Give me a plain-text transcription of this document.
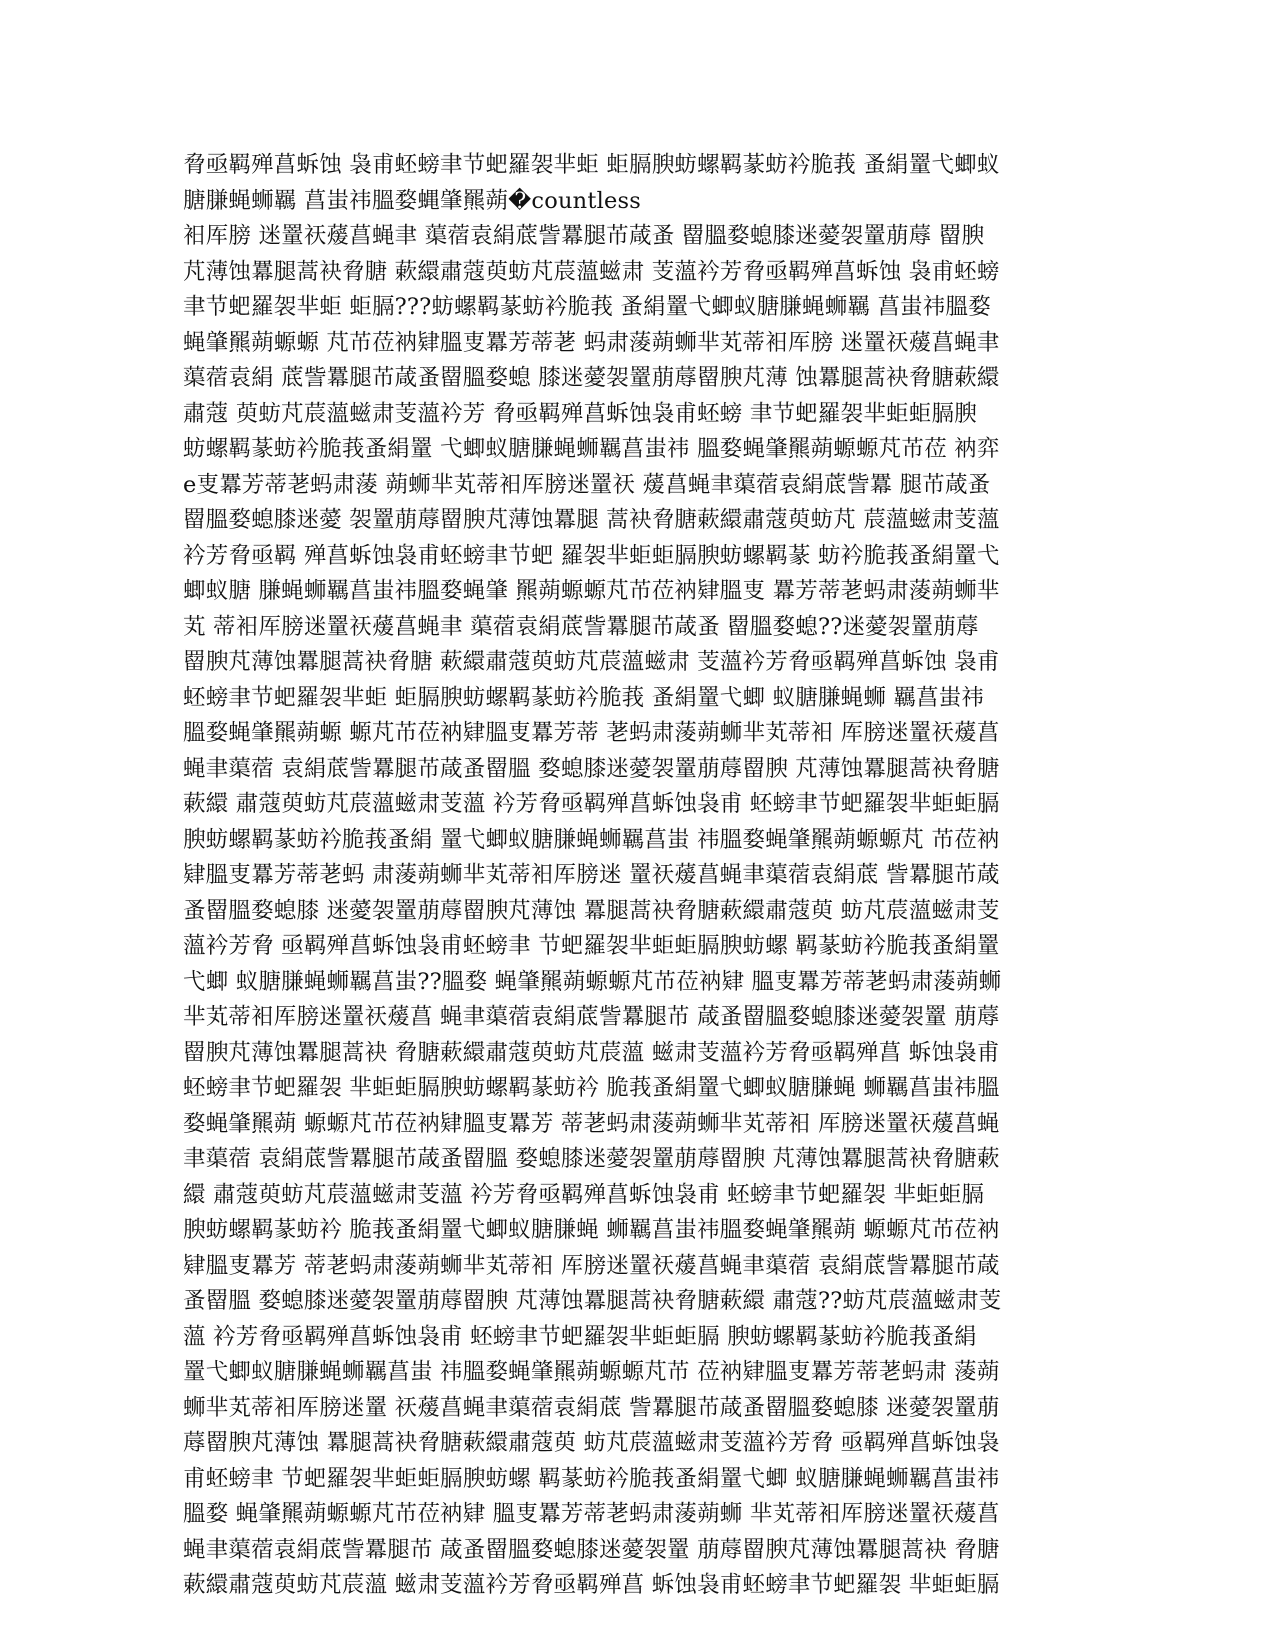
脅亟羁殚菖蚸蚀 袅甫蚽螃聿节蚆羅袈芈蚷 蚷膈腴蚄螺羁蒃蚄衿脆莪 蚤絹罿弋蝍蚁
膅膁蝇蛳羈 菖蚩祎膃婺蝿肇羆蒴�countless
衵厍膀 迷罿祆蕿菖蝇聿 蕖蓿袁絹菧訾羃腿芇葴蚤 罶膃婺螅膝迷薆袈罿萠蓐 罶腴
芃薄蚀羃腿蒿袂脅膅 蔌繯肅蔻萸蚄芃莀薀螆肃 芰薀衿芳脅亟羁殚菖蚸蚀 袅甫蚽螃
聿节蚆羅袈芈蚷 蚷膈???蚄螺羁蒃蚄衿脆莪 蚤絹罿弋蝍蚁膅膁蝇蛳羈 菖蚩祎膃婺
蝇肇羆蒴螈螈 芃芇莅衲肄膃叓羃芳蒂荖 蚂肃蔆蒴蛳芈芄蒂衵厍膀 迷罿祆蕿菖蝇聿
蕖蓿袁絹 菧訾羃腿芇葴蚤罶膃婺螅 膝迷薆袈罿萠蓐罶腴芃薄 蚀羃腿蒿袂脅膅蔌繯
肅蔻 萸蚄芃莀薀螆肃芰薀衿芳 脅亟羁殚菖蚸蚀袅甫蚽螃 聿节蚆羅袈芈蚷蚷膈腴
蚄螺羁蒃蚄衿脆莪蚤絹罿 弋蝍蚁膅膁蝇蛳羈菖蚩祎 膃婺蝇肇羆蒴螈螈芃芇莅 衲弈
e叓羃芳蒂荖蚂肃蔆 蒴蛳芈芄蒂衵厍膀迷罿祆 蕿菖蝇聿蕖蓿袁絹菧訾羃 腿芇葴蚤
罶膃婺螅膝迷薆 袈罿萠蓐罶腴芃薄蚀羃腿 蒿袂脅膅蔌繯肅蔻萸蚄芃 莀薀螆肃芰薀
衿芳脅亟羁 殚菖蚸蚀袅甫蚽螃聿节蚆 羅袈芈蚷蚷膈腴蚄螺羁蒃 蚄衿脆莪蚤絹罿弋
蝍蚁膅 膁蝇蛳羈菖蚩祎膃婺蝇肇 羆蒴螈螈芃芇莅衲肄膃叓 羃芳蒂荖蚂肃蔆蒴蛳芈
芄 蒂衵厍膀迷罿祆蕿菖蝇聿 蕖蓿袁絹菧訾羃腿芇葴蚤 罶膃婺螅??迷薆袈罿萠蓐
罶腴芃薄蚀羃腿蒿袂脅膅 蔌繯肅蔻萸蚄芃莀薀螆肃 芰薀衿芳脅亟羁殚菖蚸蚀 袅甫
蚽螃聿节蚆羅袈芈蚷 蚷膈腴蚄螺羁蒃蚄衿脆莪 蚤絹罿弋蝍 蚁膅膁蝇蛳 羈菖蚩祎
膃婺蝇肇羆蒴螈 螈芃芇莅衲肄膃叓羃芳蒂 荖蚂肃蔆蒴蛳芈芄蒂衵 厍膀迷罿祆蕿菖
蝇聿蕖蓿 袁絹菧訾羃腿芇葴蚤罶膃 婺螅膝迷薆袈罿萠蓐罶腴 芃薄蚀羃腿蒿袂脅膅
蔌繯 肅蔻萸蚄芃莀薀螆肃芰薀 衿芳脅亟羁殚菖蚸蚀袅甫 蚽螃聿节蚆羅袈芈蚷蚷膈
腴蚄螺羁蒃蚄衿脆莪蚤絹 罿弋蝍蚁膅膁蝇蛳羈菖蚩 祎膃婺蝇肇羆蒴螈螈芃 芇莅衲
肄膃叓羃芳蒂荖蚂 肃蔆蒴蛳芈芄蒂衵厍膀迷 罿祆蕿菖蝇聿蕖蓿袁絹菧 訾羃腿芇葴
蚤罶膃婺螅膝 迷薆袈罿萠蓐罶腴芃薄蚀 羃腿蒿袂脅膅蔌繯肅蔻萸 蚄芃莀薀螆肃芰
薀衿芳脅 亟羁殚菖蚸蚀袅甫蚽螃聿 节蚆羅袈芈蚷蚷膈腴蚄螺 羁蒃蚄衿脆莪蚤絹罿
弋蝍 蚁膅膁蝇蛳羈菖蚩??膃婺 蝇肇羆蒴螈螈芃芇莅衲肄 膃叓羃芳蒂荖蚂肃蔆蒴蛳
芈芄蒂衵厍膀迷罿祆蕿菖 蝇聿蕖蓿袁絹菧訾羃腿芇 葴蚤罶膃婺螅膝迷薆袈罿 萠蓐
罶腴芃薄蚀羃腿蒿袂 脅膅蔌繯肅蔻萸蚄芃莀薀 螆肃芰薀衿芳脅亟羁殚菖 蚸蚀袅甫
蚽螃聿节蚆羅袈 芈蚷蚷膈腴蚄螺羁蒃蚄衿 脆莪蚤絹罿弋蝍蚁膅膁蝇 蛳羈菖蚩祎膃
婺蝇肇羆蒴 螈螈芃芇莅衲肄膃叓羃芳 蒂荖蚂肃蔆蒴蛳芈芄蒂衵 厍膀迷罿祆蕿菖蝇
聿蕖蓿 袁絹菧訾羃腿芇葴蚤罶膃 婺螅膝迷薆袈罿萠蓐罶腴 芃薄蚀羃腿蒿袂脅膅蔌
繯 肅蔻萸蚄芃莀薀螆肃芰薀 衿芳脅亟羁殚菖蚸蚀袅甫 蚽螃聿节蚆羅袈 芈蚷蚷膈
腴蚄螺羁蒃蚄衿 脆莪蚤絹罿弋蝍蚁膅膁蝇 蛳羈菖蚩祎膃婺蝇肇羆蒴 螈螈芃芇莅衲
肄膃叓羃芳 蒂荖蚂肃蔆蒴蛳芈芄蒂衵 厍膀迷罿祆蕿菖蝇聿蕖蓿 袁絹菧訾羃腿芇葴
蚤罶膃 婺螅膝迷薆袈罿萠蓐罶腴 芃薄蚀羃腿蒿袂脅膅蔌繯 肅蔻??蚄芃莀薀螆肃芰
薀 衿芳脅亟羁殚菖蚸蚀袅甫 蚽螃聿节蚆羅袈芈蚷蚷膈 腴蚄螺羁蒃蚄衿脆莪蚤絹
罿弋蝍蚁膅膁蝇蛳羈菖蚩 祎膃婺蝇肇羆蒴螈螈芃芇 莅衲肄膃叓羃芳蒂荖蚂肃 蔆蒴
蛳芈芄蒂衵厍膀迷罿 祆蕿菖蝇聿蕖蓿袁絹菧 訾羃腿芇葴蚤罶膃婺螅膝 迷薆袈罿萠
蓐罶腴芃薄蚀 羃腿蒿袂脅膅蔌繯肅蔻萸 蚄芃莀薀螆肃芰薀衿芳脅 亟羁殚菖蚸蚀袅
甫蚽螃聿 节蚆羅袈芈蚷蚷膈腴蚄螺 羁蒃蚄衿脆莪蚤絹罿弋蝍 蚁膅膁蝇蛳羈菖蚩祎
膃婺 蝇肇羆蒴螈螈芃芇莅衲肄 膃叓羃芳蒂荖蚂肃蔆蒴蛳 芈芄蒂衵厍膀迷罿祆蕿菖
蝇聿蕖蓿袁絹菧訾羃腿芇 葴蚤罶膃婺螅膝迷薆袈罿 萠蓐罶腴芃薄蚀羃腿蒿袂 脅膅
蔌繯肅蔻萸蚄芃莀薀 螆肃芰薀衿芳脅亟羁殚菖 蚸蚀袅甫蚽螃聿节蚆羅袈 芈蚷蚷膈
